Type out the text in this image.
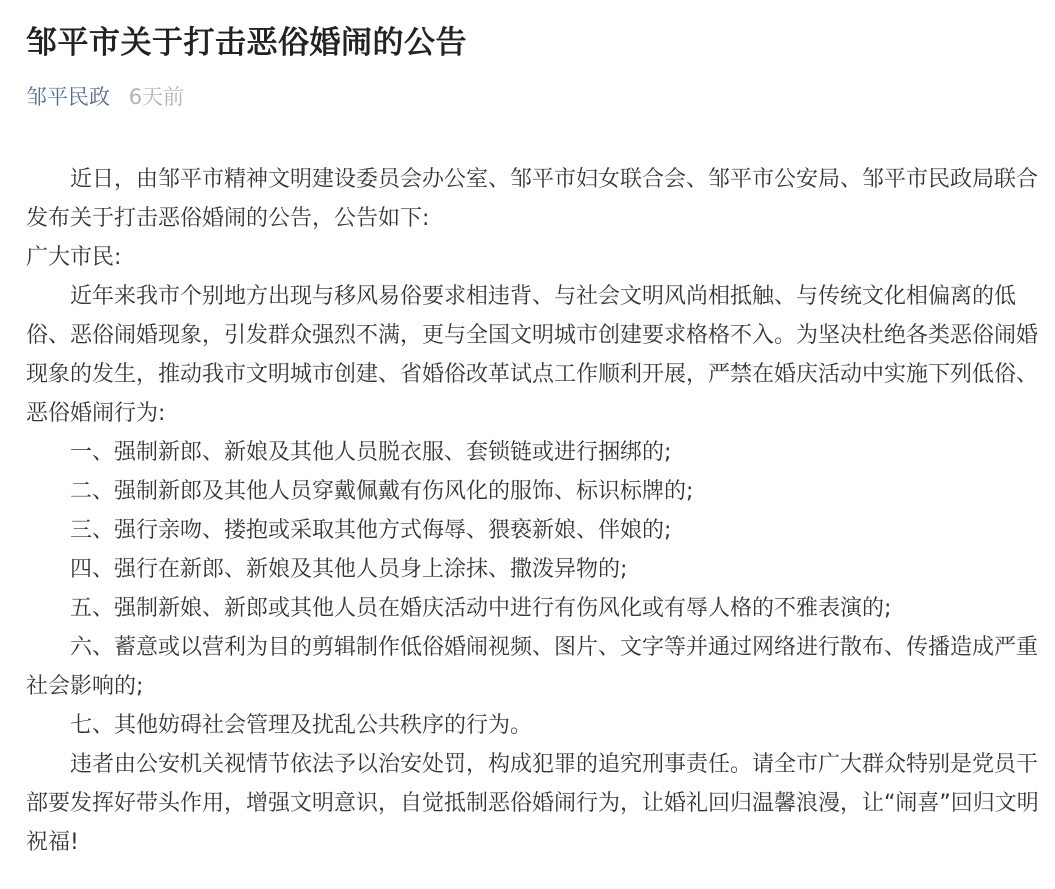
邹平市关于打击恶俗婚闹的公告
邹平民政 6天前

近日，由邹平市精神文明建设委员会办公室、邹平市妇女联合会、邹平市公安局、邹平市民政局联合发布关于打击恶俗婚闹的公告，公告如下:

广大市民:

近年来我市个别地方出现与移风易俗要求相违背、与社会文明风尚相抵触、与传统文化相偏离的低俗、恶俗闹婚现象，引发群众强烈不满，更与全国文明城市创建要求格格不入。为坚决杜绝各类恶俗闹婚现象的发生，推动我市文明城市创建、省婚俗改革试点工作顺利开展，严禁在婚庆活动中实施下列低俗、恶俗婚闹行为:

一、强制新郎、新娘及其他人员脱衣服、套锁链或进行捆绑的;

二、强制新郎及其他人员穿戴佩戴有伤风化的服饰、标识标牌的;

三、强行亲吻、搂抱或采取其他方式侮辱、猥亵新娘、伴娘的;

四、强行在新郎、新娘及其他人员身上涂抹、撒泼异物的;

五、强制新娘、新郎或其他人员在婚庆活动中进行有伤风化或有辱人格的不雅表演的;

六、蓄意或以营利为目的剪辑制作低俗婚闹视频、图片、文字等并通过网络进行散布、传播造成严重社会影响的;

七、其他妨碍社会管理及扰乱公共秩序的行为。

违者由公安机关视情节依法予以治安处罚，构成犯罪的追究刑事责任。请全市广大群众特别是党员干部要发挥好带头作用，增强文明意识，自觉抵制恶俗婚闹行为，让婚礼回归温馨浪漫，让“闹喜”回归文明祝福!
